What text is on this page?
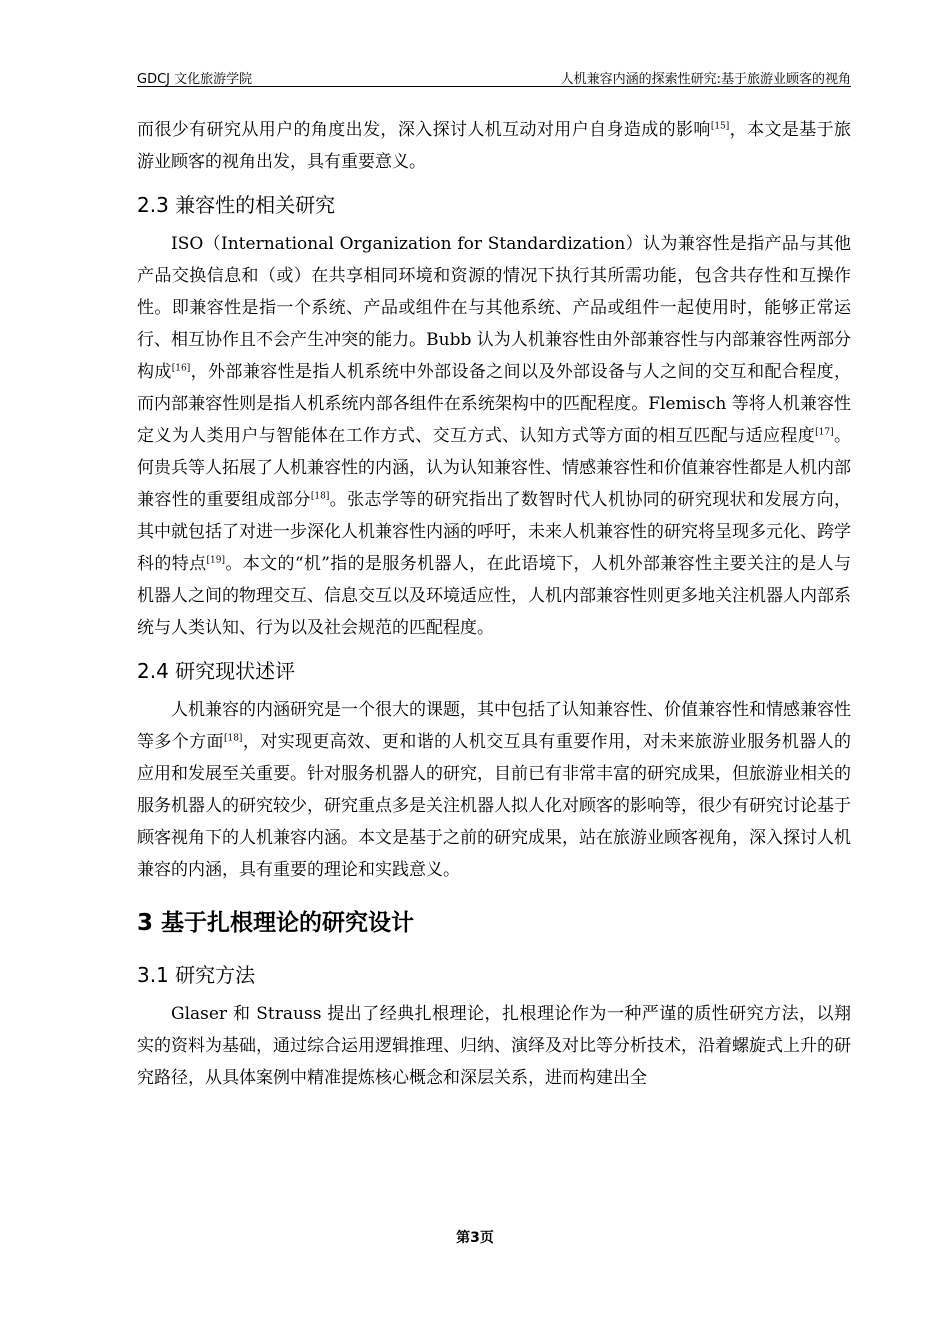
GDCJ 文化旅游学院	人机兼容内涵的探索性研究:基于旅游业顾客的视角

而很少有研究从用户的角度出发，深入探讨人机互动对用户自身造成的影响[15]，本文是基于旅游业顾客的视角出发，具有重要意义。

2.3 兼容性的相关研究

ISO（International Organization for Standardization）认为兼容性是指产品与其他产品交换信息和（或）在共享相同环境和资源的情况下执行其所需功能，包含共存性和互操作性。即兼容性是指一个系统、产品或组件在与其他系统、产品或组件一起使用时，能够正常运行、相互协作且不会产生冲突的能力。Bubb 认为人机兼容性由外部兼容性与内部兼容性两部分构成[16]，外部兼容性是指人机系统中外部设备之间以及外部设备与人之间的交互和配合程度，而内部兼容性则是指人机系统内部各组件在系统架构中的匹配程度。Flemisch 等将人机兼容性定义为人类用户与智能体在工作方式、交互方式、认知方式等方面的相互匹配与适应程度[17]。何贵兵等人拓展了人机兼容性的内涵，认为认知兼容性、情感兼容性和价值兼容性都是人机内部兼容性的重要组成部分[18]。张志学等的研究指出了数智时代人机协同的研究现状和发展方向，其中就包括了对进一步深化人机兼容性内涵的呼吁，未来人机兼容性的研究将呈现多元化、跨学科的特点[19]。本文的“机”指的是服务机器人，在此语境下，人机外部兼容性主要关注的是人与机器人之间的物理交互、信息交互以及环境适应性，人机内部兼容性则更多地关注机器人内部系统与人类认知、行为以及社会规范的匹配程度。

2.4 研究现状述评

人机兼容的内涵研究是一个很大的课题，其中包括了认知兼容性、价值兼容性和情感兼容性等多个方面[18]，对实现更高效、更和谐的人机交互具有重要作用，对未来旅游业服务机器人的应用和发展至关重要。针对服务机器人的研究，目前已有非常丰富的研究成果，但旅游业相关的服务机器人的研究较少，研究重点多是关注机器人拟人化对顾客的影响等，很少有研究讨论基于顾客视角下的人机兼容内涵。本文是基于之前的研究成果，站在旅游业顾客视角，深入探讨人机兼容的内涵，具有重要的理论和实践意义。

3 基于扎根理论的研究设计
3.1 研究方法

Glaser 和 Strauss 提出了经典扎根理论，扎根理论作为一种严谨的质性研究方法，以翔实的资料为基础，通过综合运用逻辑推理、归纳、演绎及对比等分析技术，沿着螺旋式上升的研究路径，从具体案例中精准提炼核心概念和深层关系，进而构建出全

第3页
